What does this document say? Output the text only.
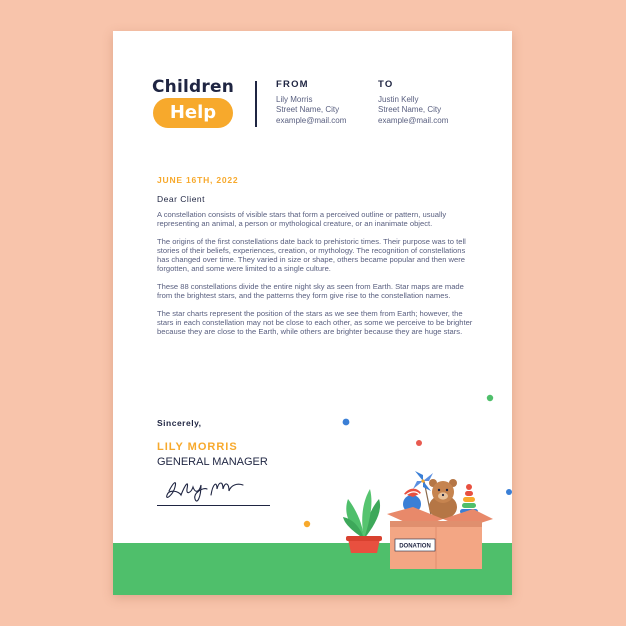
Children
Help
FROM
Lily Morris
Street Name, City
example@mail.com
TO
Justin Kelly
Street Name, City
example@mail.com
JUNE 16TH, 2022
Dear Client

A constellation consists of visible stars that form a perceived outline or pattern, usually representing an animal, a person or mythological creature, or an inanimate object.

The origins of the first constellations date back to prehistoric times. Their purpose was to tell stories of their beliefs, experiences, creation, or mythology. The recognition of constellations has changed over time. They varied in size or shape, others became popular and then were forgotten, and some were limited to a single culture.

These 88 constellations divide the entire night sky as seen from Earth. Star maps are made from the brightest stars, and the patterns they form give rise to the constellation names.

The star charts represent the position of the stars as we see them from Earth; however, the stars in each constellation may not be close to each other, as some we perceive to be brighter because they are close to the Earth, while others are brighter because they are huge stars.

Sincerely,
LILY MORRIS
GENERAL MANAGER
DONATION
